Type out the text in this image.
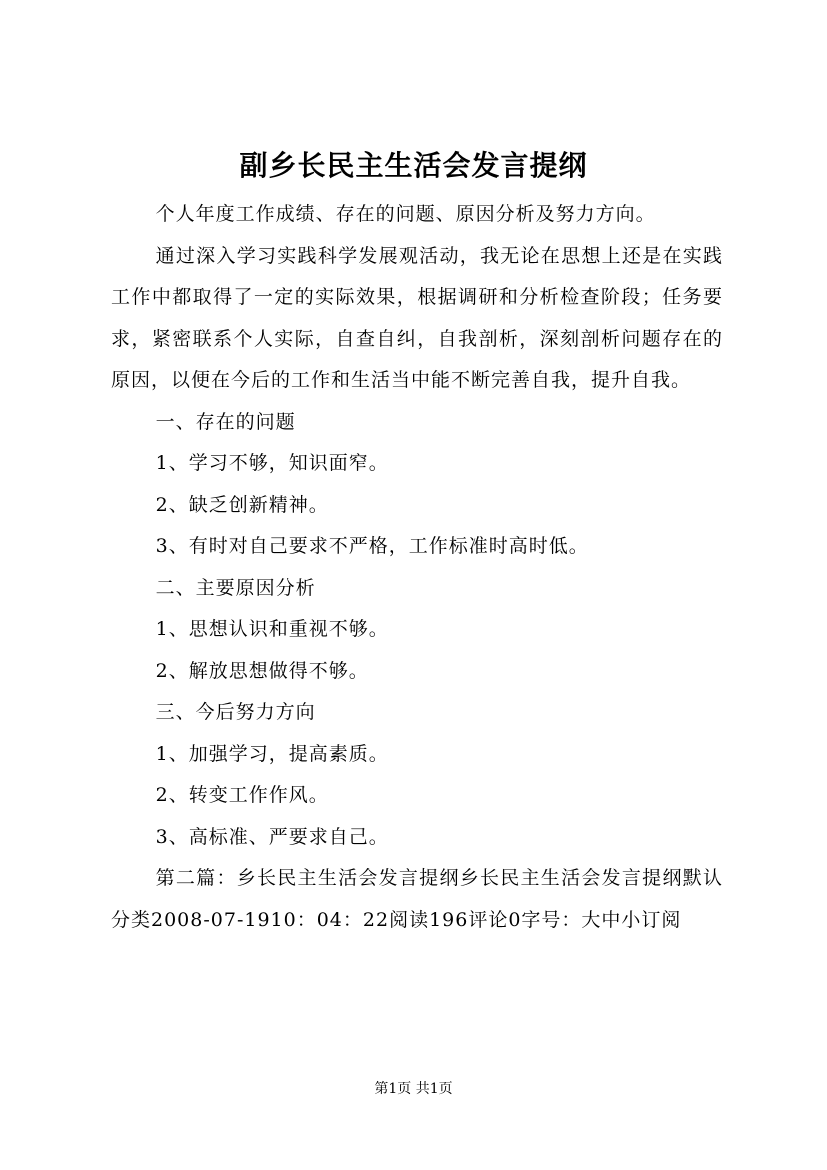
副乡长民主生活会发言提纲

个人年度工作成绩、存在的问题、原因分析及努力方向。

通过深入学习实践科学发展观活动，我无论在思想上还是在实践工作中都取得了一定的实际效果，根据调研和分析检查阶段；任务要求，紧密联系个人实际，自查自纠，自我剖析，深刻剖析问题存在的原因，以便在今后的工作和生活当中能不断完善自我，提升自我。

一、存在的问题

1、学习不够，知识面窄。

2、缺乏创新精神。

3、有时对自己要求不严格，工作标准时高时低。

二、主要原因分析

1、思想认识和重视不够。

2、解放思想做得不够。

三、今后努力方向

1、加强学习，提高素质。

2、转变工作作风。

3、高标准、严要求自己。

第二篇：乡长民主生活会发言提纲乡长民主生活会发言提纲默认分类2008-07-1910：04：22阅读196评论0字号：大中小订阅

第1页 共1页
